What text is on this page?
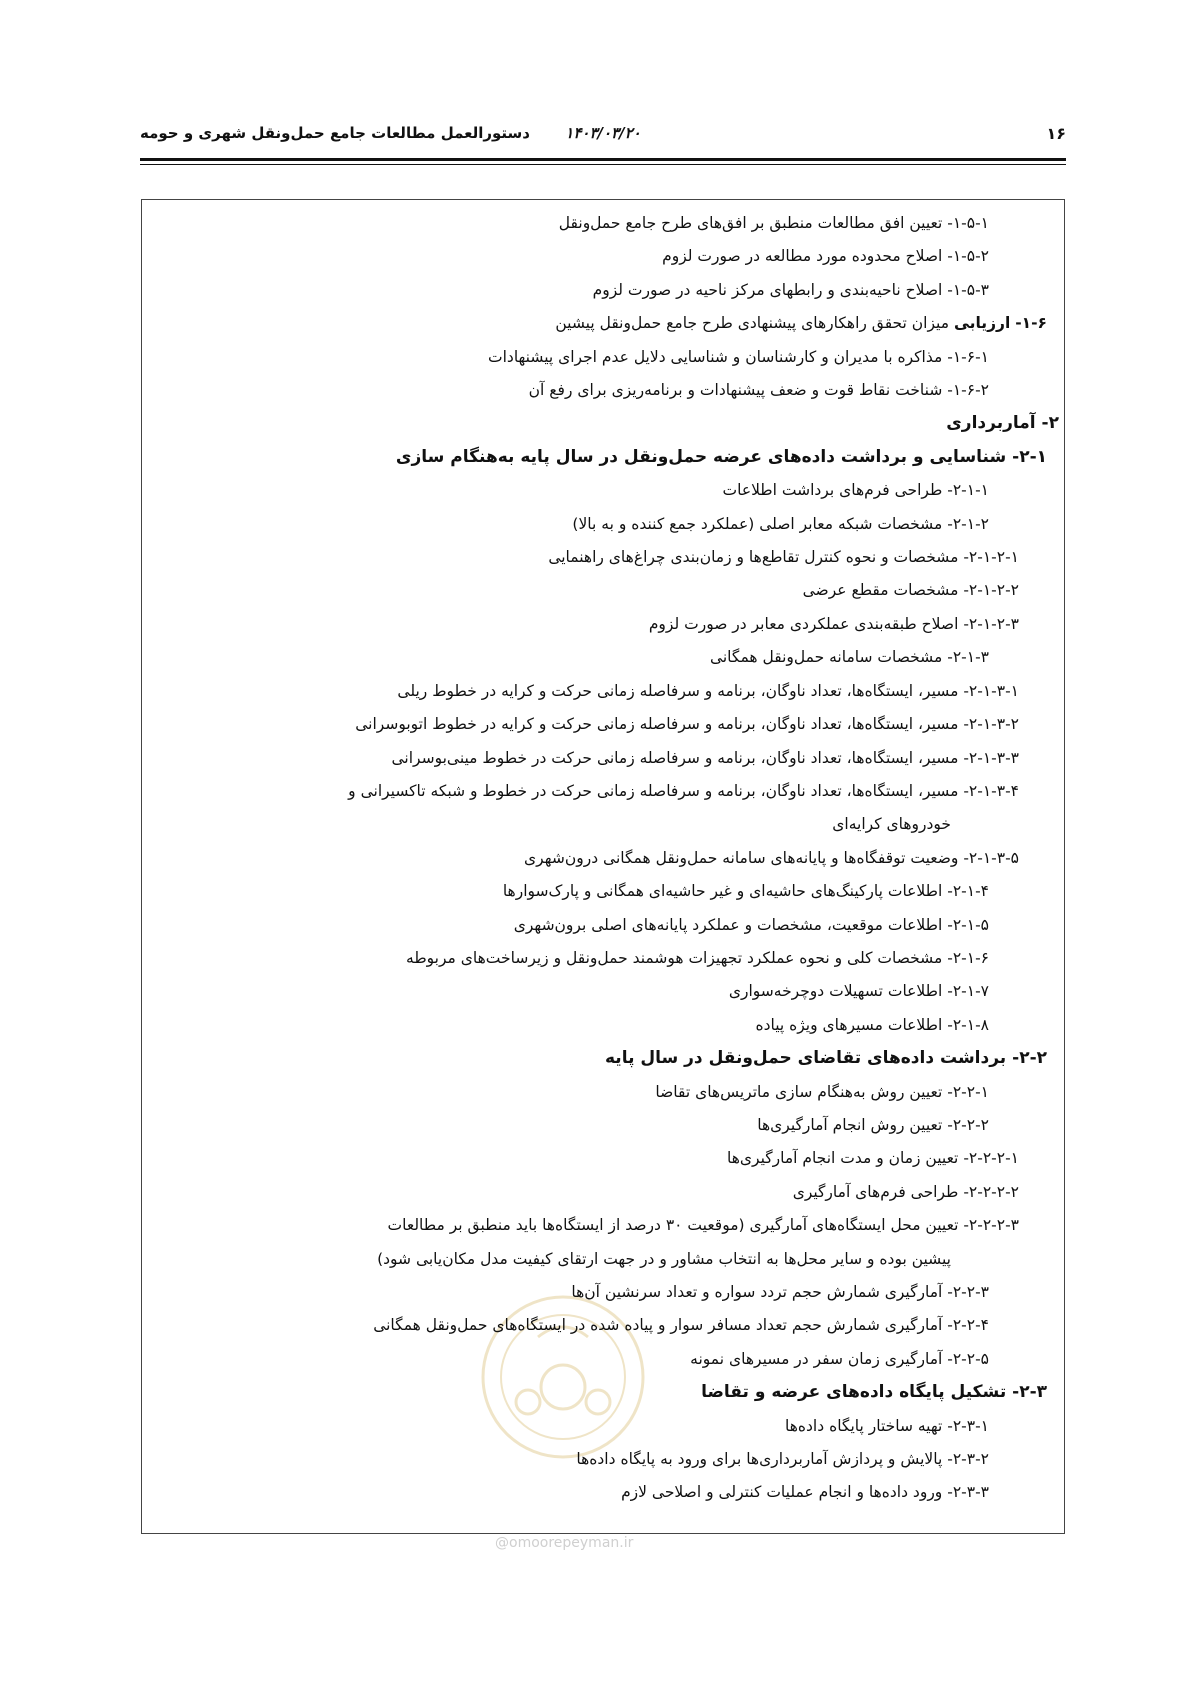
۱۶
۱۴۰۳/۰۳/۲۰
دستورالعمل مطالعات جامع حمل‌ونقل شهری و حومه

۱-۵-۱- تعیین افق مطالعات منطبق بر افق‌های طرح جامع حمل‌ونقل

۱-۵-۲- اصلاح محدوده مورد مطالعه در صورت لزوم

۱-۵-۳- اصلاح ناحیه‌بندی و رابطهای مرکز ناحیه در صورت لزوم

۱-۶- ارزیابی میزان تحقق راهکارهای پیشنهادی طرح جامع حمل‌ونقل پیشین

۱-۶-۱- مذاکره با مدیران و کارشناسان و شناسایی دلایل عدم اجرای پیشنهادات

۱-۶-۲- شناخت نقاط قوت و ضعف پیشنهادات و برنامه‌ریزی برای رفع آن

۲- آماربرداری

۲-۱- شناسایی و برداشت داده‌های عرضه حمل‌ونقل در سال پایه به‌هنگام سازی

۲-۱-۱- طراحی فرم‌های برداشت اطلاعات

۲-۱-۲- مشخصات شبکه معابر اصلی (عملکرد جمع کننده و به بالا)

۲-۱-۲-۱- مشخصات و نحوه کنترل تقاطع‌ها و زمان‌بندی چراغ‌های راهنمایی

۲-۱-۲-۲- مشخصات مقطع عرضی

۲-۱-۲-۳- اصلاح طبقه‌بندی عملکردی معابر در صورت لزوم

۲-۱-۳- مشخصات سامانه حمل‌ونقل همگانی

۲-۱-۳-۱- مسیر، ایستگاه‌ها، تعداد ناوگان، برنامه و سرفاصله زمانی حرکت و کرایه در خطوط ریلی

۲-۱-۳-۲- مسیر، ایستگاه‌ها، تعداد ناوگان، برنامه و سرفاصله زمانی حرکت و کرایه در خطوط اتوبوسرانی

۲-۱-۳-۳- مسیر، ایستگاه‌ها، تعداد ناوگان، برنامه و سرفاصله زمانی حرکت در خطوط مینی‌بوسرانی

۲-۱-۳-۴- مسیر، ایستگاه‌ها، تعداد ناوگان، برنامه و سرفاصله زمانی حرکت در خطوط و شبکه تاکسیرانی و

خودروهای کرایه‌ای

۲-۱-۳-۵- وضعیت توقفگاه‌ها و پایانه‌های سامانه حمل‌ونقل همگانی درون‌شهری

۲-۱-۴- اطلاعات پارکینگ‌های حاشیه‌ای و غیر حاشیه‌ای همگانی و پارک‌سوارها

۲-۱-۵- اطلاعات موقعیت، مشخصات و عملکرد پایانه‌های اصلی برون‌شهری

۲-۱-۶- مشخصات کلی و نحوه عملکرد تجهیزات هوشمند حمل‌ونقل و زیرساخت‌های مربوطه

۲-۱-۷- اطلاعات تسهیلات دوچرخه‌سواری

۲-۱-۸- اطلاعات مسیرهای ویژه پیاده

۲-۲- برداشت داده‌های تقاضای حمل‌ونقل در سال پایه

۲-۲-۱- تعیین روش به‌هنگام سازی ماتریس‌های تقاضا

۲-۲-۲- تعیین روش انجام آمارگیری‌ها

۲-۲-۲-۱- تعیین زمان و مدت انجام آمارگیری‌ها

۲-۲-۲-۲- طراحی فرم‌های آمارگیری

۲-۲-۲-۳- تعیین محل ایستگاه‌های آمارگیری (موقعیت ۳۰ درصد از ایستگاه‌ها باید منطبق بر مطالعات

پیشین بوده و سایر محل‌ها به انتخاب مشاور و در جهت ارتقای کیفیت مدل مکان‌یابی شود)

۲-۲-۳- آمارگیری شمارش حجم تردد سواره و تعداد سرنشین آن‌ها

۲-۲-۴- آمارگیری شمارش حجم تعداد مسافر سوار و پیاده شده در ایستگاه‌های حمل‌ونقل همگانی

۲-۲-۵- آمارگیری زمان سفر در مسیرهای نمونه

۲-۳- تشکیل پایگاه داده‌های عرضه و تقاضا

۲-۳-۱- تهیه ساختار پایگاه داده‌ها

۲-۳-۲- پالایش و پردازش آماربرداری‌ها برای ورود به پایگاه داده‌ها

۲-۳-۳- ورود داده‌ها و انجام عملیات کنترلی و اصلاحی لازم

@omoorepeyman.ir
